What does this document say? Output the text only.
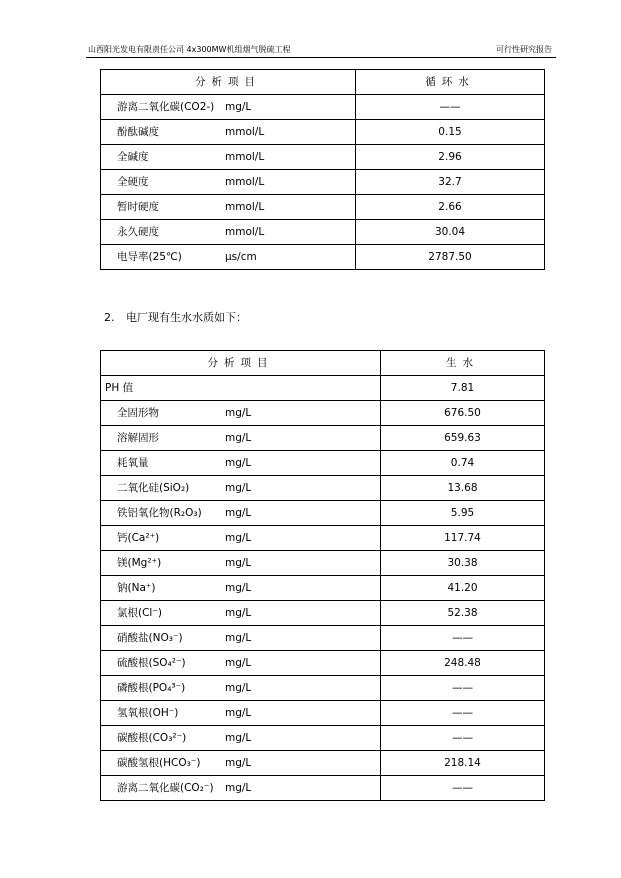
山西阳光发电有限责任公司 4x300MW机组烟气脱硫工程	可行性研究报告
分析项目	循环水

游离二氧化碳(CO2-) mg/L	——

酚酞碱度 mmol/L	0.15

全碱度 mmol/L	2.96

全硬度 mmol/L	32.7

暂时硬度 mmol/L	2.66

永久硬度 mmol/L	30.04

电导率(25℃) μs/cm	2787.50
2. 电厂现有生水水质如下：
分析项目	生水

PH 值	7.81

全固形物 mg/L	676.50

溶解固形 mg/L	659.63

耗氧量 mg/L	0.74

二氧化硅(SiO₂) mg/L	13.68

铁铝氧化物(R₂O₃) mg/L	5.95

钙(Ca²⁺) mg/L	117.74

镁(Mg²⁺) mg/L	30.38

钠(Na⁺) mg/L	41.20

氯根(Cl⁻) mg/L	52.38

硝酸盐(NO₃⁻) mg/L	——

硫酸根(SO₄²⁻) mg/L	248.48

磷酸根(PO₄³⁻) mg/L	——

氢氧根(OH⁻) mg/L	——

碳酸根(CO₃²⁻) mg/L	——

碳酸氢根(HCO₃⁻) mg/L	218.14

游离二氧化碳(CO₂⁻) mg/L	——
